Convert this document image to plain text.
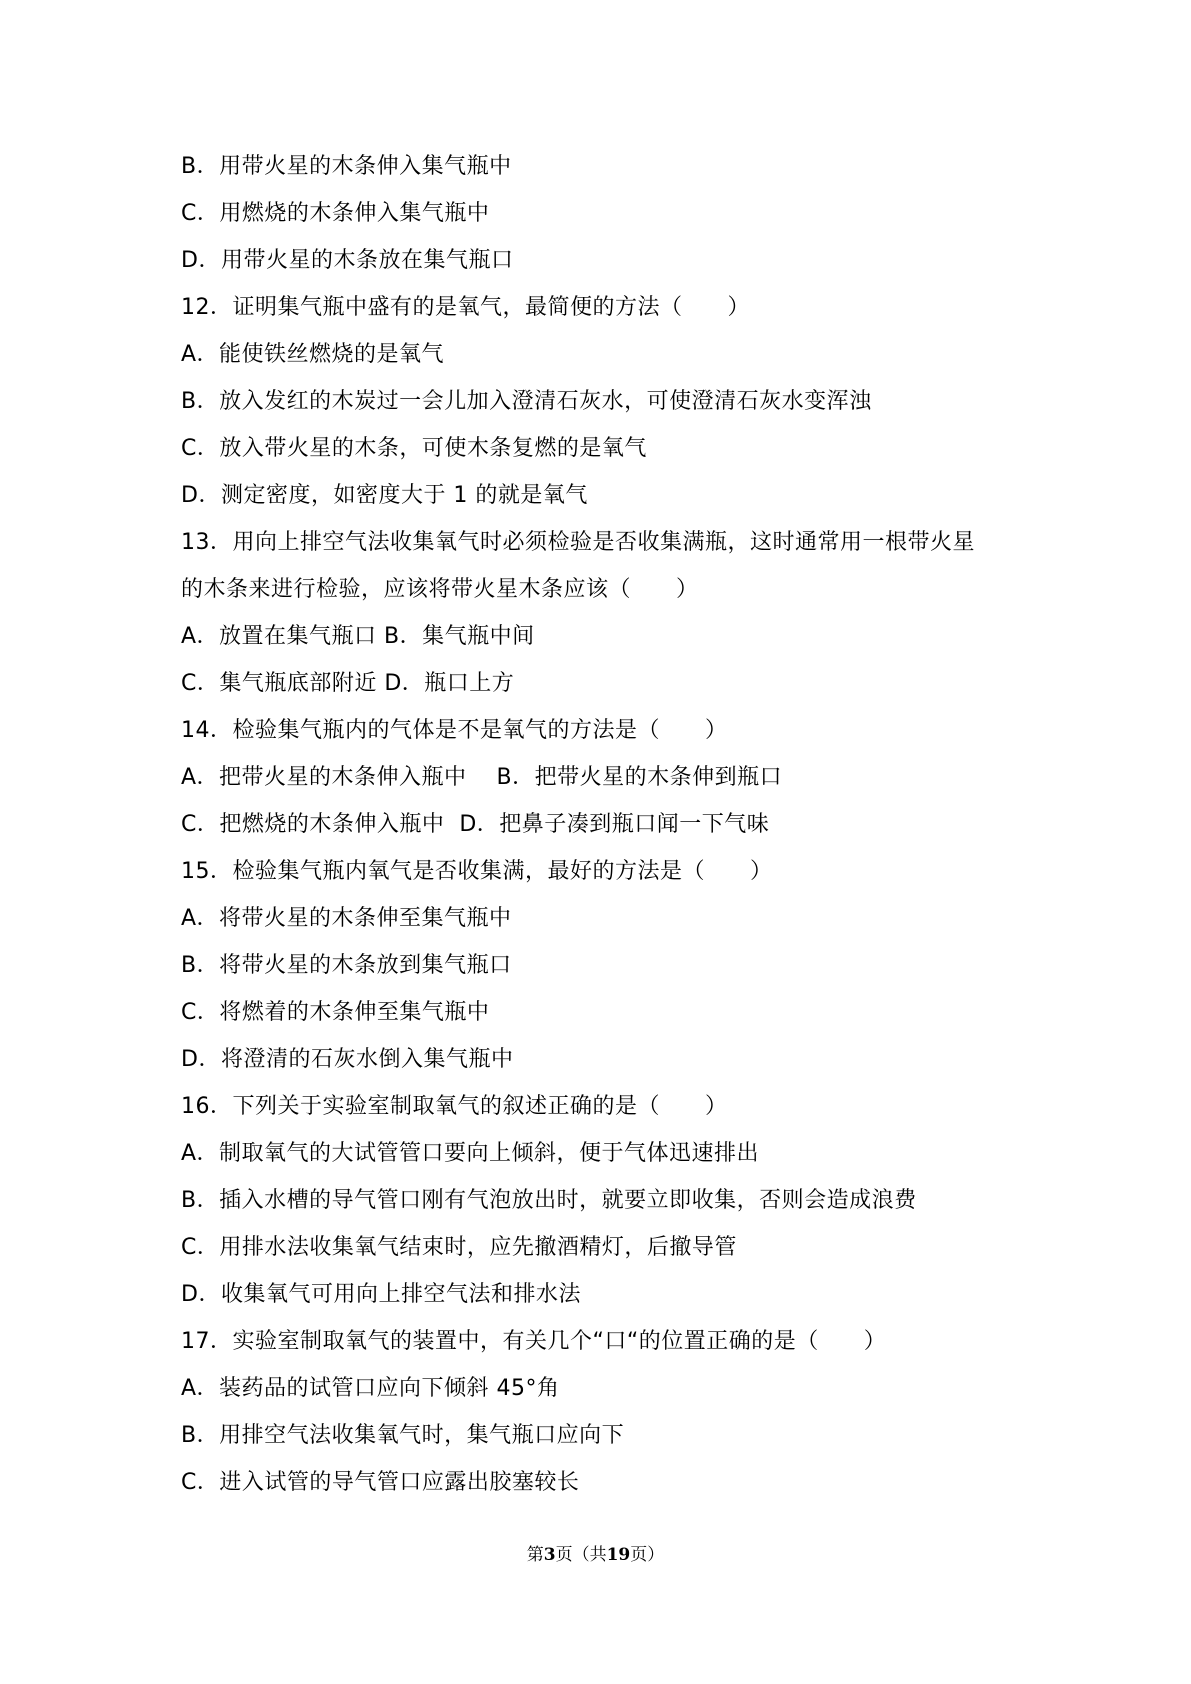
B．用带火星的木条伸入集气瓶中
C．用燃烧的木条伸入集气瓶中
D．用带火星的木条放在集气瓶口
12．证明集气瓶中盛有的是氧气，最简便的方法（　　）
A．能使铁丝燃烧的是氧气
B．放入发红的木炭过一会儿加入澄清石灰水，可使澄清石灰水变浑浊
C．放入带火星的木条，可使木条复燃的是氧气
D．测定密度，如密度大于 1 的就是氧气
13．用向上排空气法收集氧气时必须检验是否收集满瓶，这时通常用一根带火星
的木条来进行检验，应该将带火星木条应该（　　）
A．放置在集气瓶口 B．集气瓶中间
C．集气瓶底部附近 D．瓶口上方
14．检验集气瓶内的气体是不是氧气的方法是（　　）
A．把带火星的木条伸入瓶中　 B．把带火星的木条伸到瓶口
C．把燃烧的木条伸入瓶中  D．把鼻子凑到瓶口闻一下气味
15．检验集气瓶内氧气是否收集满，最好的方法是（　　）
A．将带火星的木条伸至集气瓶中
B．将带火星的木条放到集气瓶口
C．将燃着的木条伸至集气瓶中
D．将澄清的石灰水倒入集气瓶中
16．下列关于实验室制取氧气的叙述正确的是（　　）
A．制取氧气的大试管管口要向上倾斜，便于气体迅速排出
B．插入水槽的导气管口刚有气泡放出时，就要立即收集，否则会造成浪费
C．用排水法收集氧气结束时，应先撤酒精灯，后撤导管
D．收集氧气可用向上排空气法和排水法
17．实验室制取氧气的装置中，有关几个“口“的位置正确的是（　　）
A．装药品的试管口应向下倾斜 45°角
B．用排空气法收集氧气时，集气瓶口应向下
C．进入试管的导气管口应露出胶塞较长
第3页（共19页）
